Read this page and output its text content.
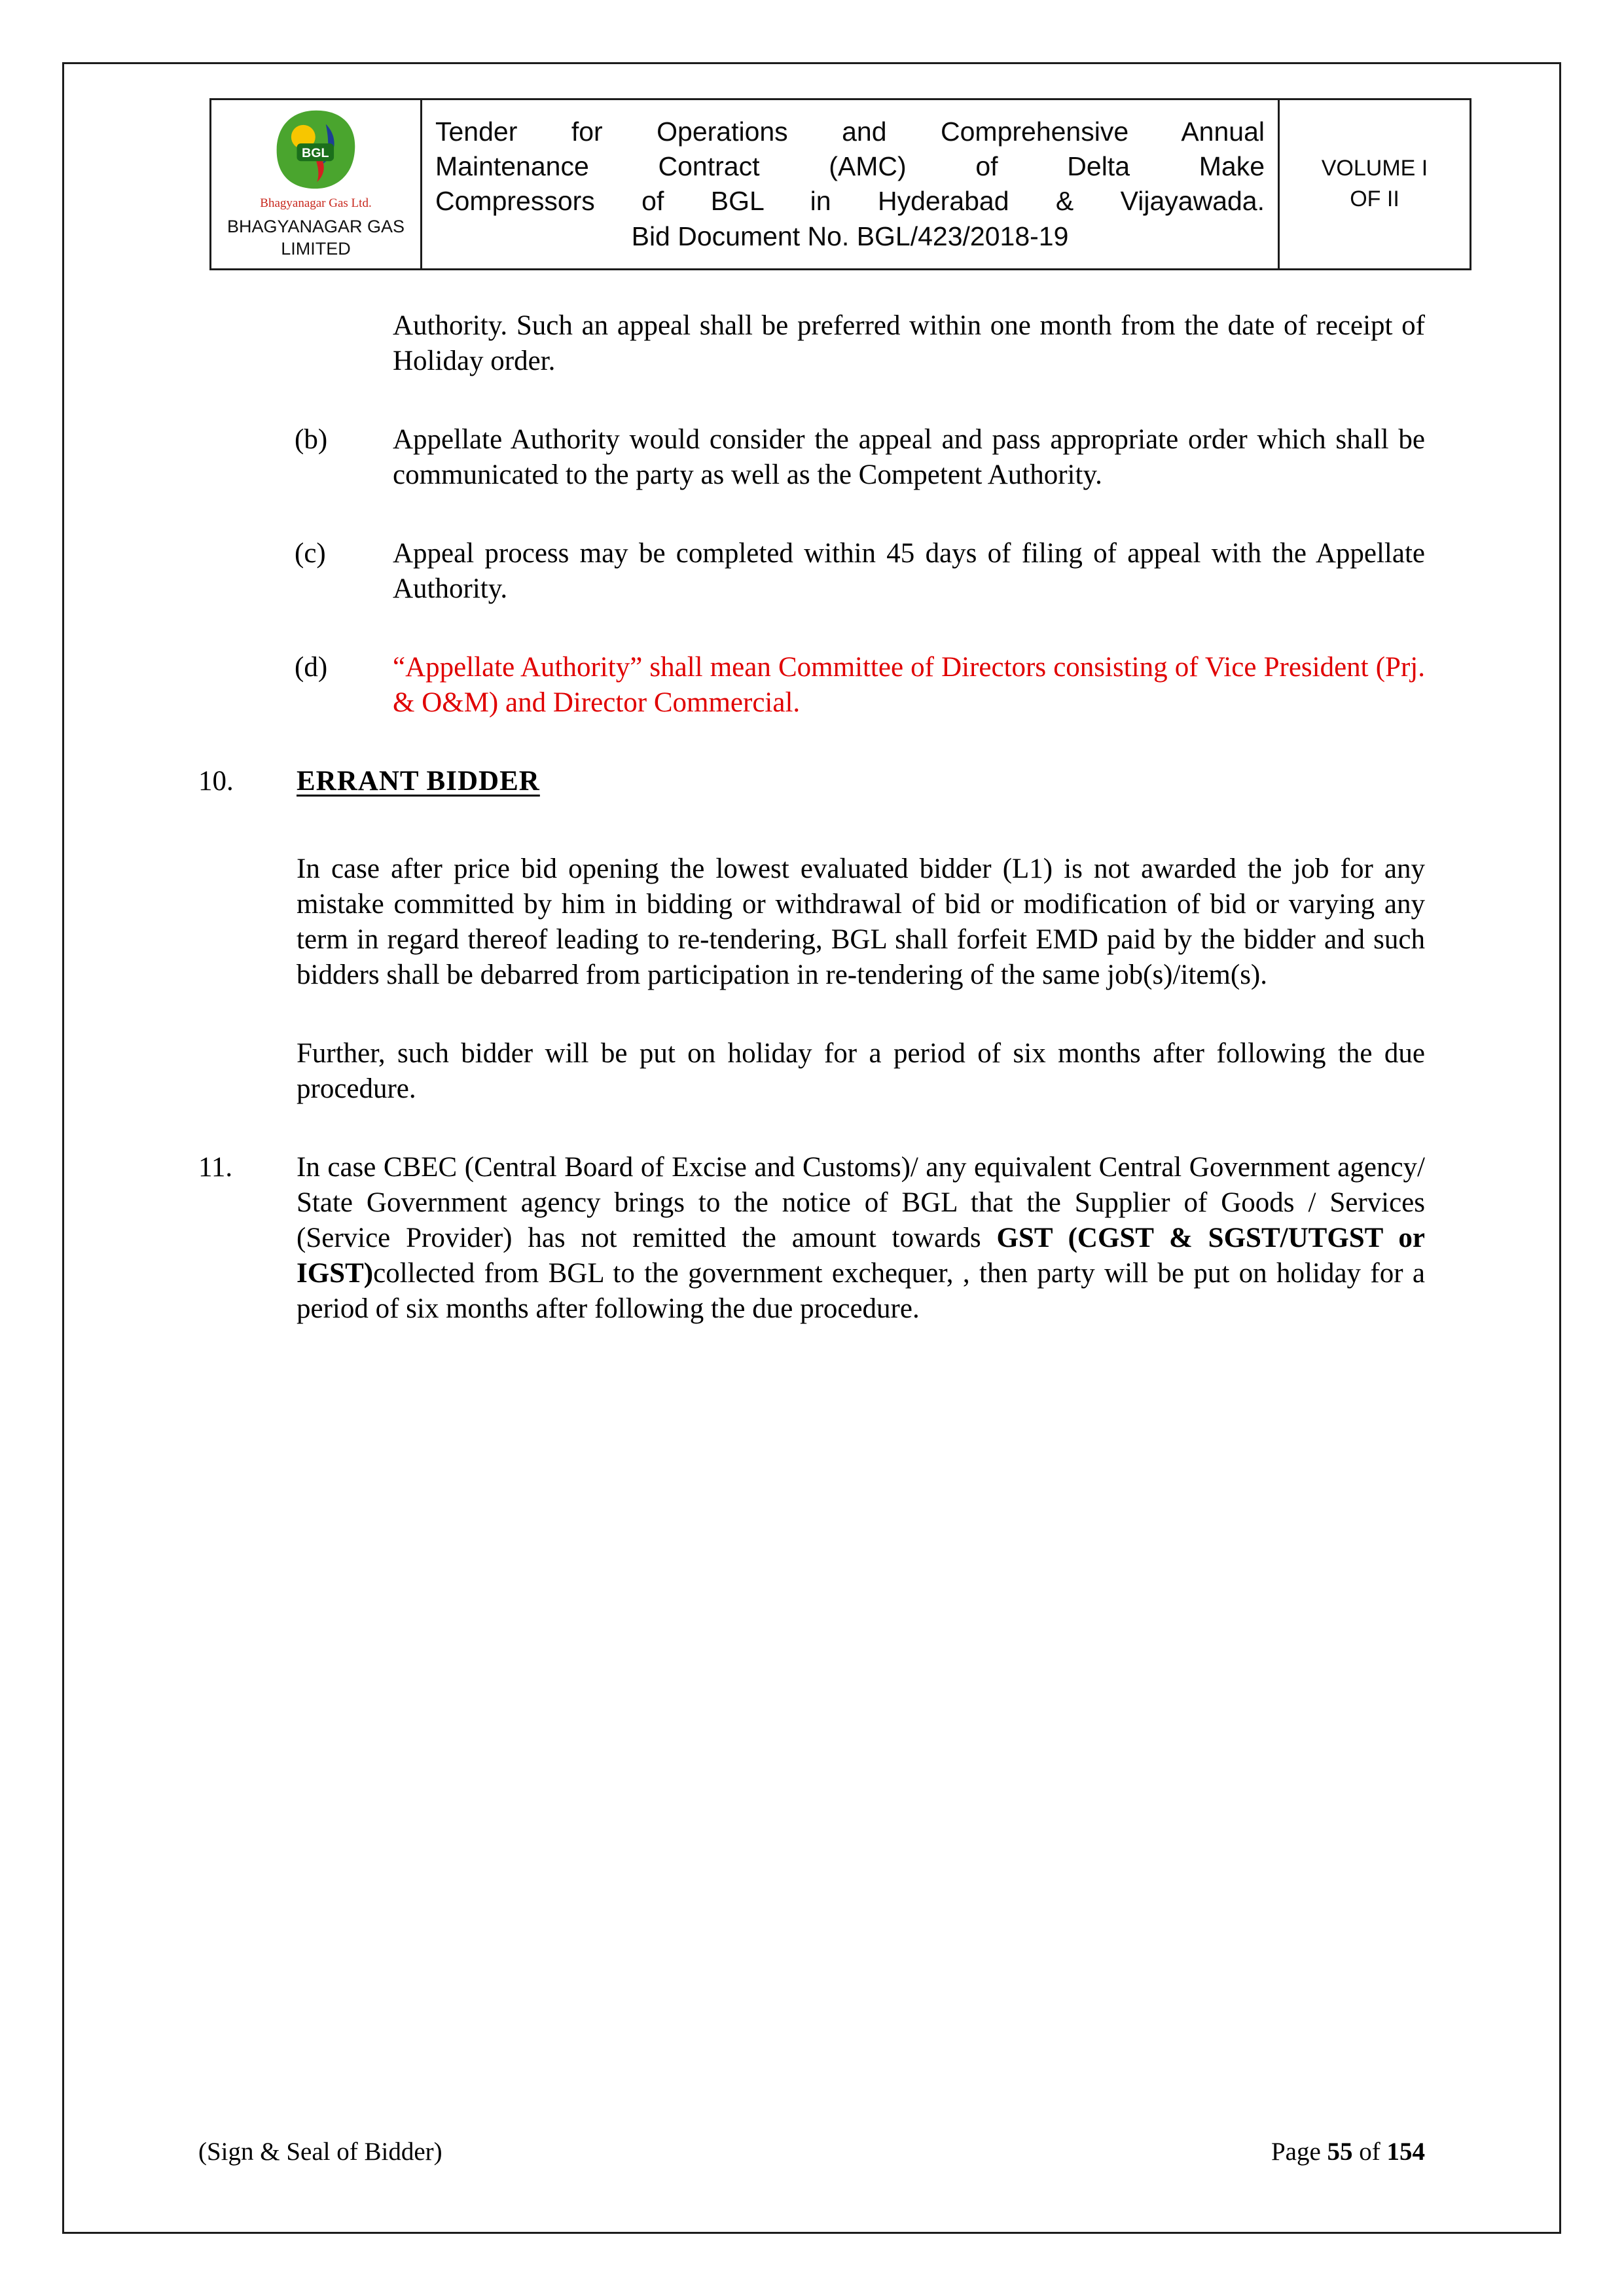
BGL
Bhagyanagar Gas Ltd.
BHAGYANAGAR GAS
LIMITED

Tender for Operations and Comprehensive Annual
Maintenance Contract (AMC) of Delta Make
Compressors of BGL in Hyderabad & Vijayawada.
Bid Document No. BGL/423/2018-19

VOLUME I
OF II

Authority. Such an appeal shall be preferred within one month from the date of receipt of Holiday order.

(b)	Appellate Authority would consider the appeal and pass appropriate order which shall be communicated to the party as well as the Competent Authority.
(c)	Appeal process may be completed within 45 days of filing of appeal with the Appellate Authority.
(d)	“Appellate Authority” shall mean Committee of Directors consisting of Vice President (Prj. & O&M) and Director Commercial.
10.	ERRANT BIDDER

In case after price bid opening the lowest evaluated bidder (L1) is not awarded the job for any mistake committed by him in bidding or withdrawal of bid or modification of bid or varying any term in regard thereof leading to re-tendering, BGL shall forfeit EMD paid by the bidder and such bidders shall be debarred from participation in re-tendering of the same job(s)/item(s).

Further, such bidder will be put on holiday for a period of six months after following the due procedure.

11.	In case CBEC (Central Board of Excise and Customs)/ any equivalent Central Government agency/ State Government agency brings to the notice of BGL that the Supplier of Goods / Services (Service Provider) has not remitted the amount towards GST (CGST & SGST/UTGST or IGST)collected from BGL to the government exchequer, , then party will be put on holiday for a period of six months after following the due procedure.
(Sign & Seal of Bidder)	Page 55 of 154
